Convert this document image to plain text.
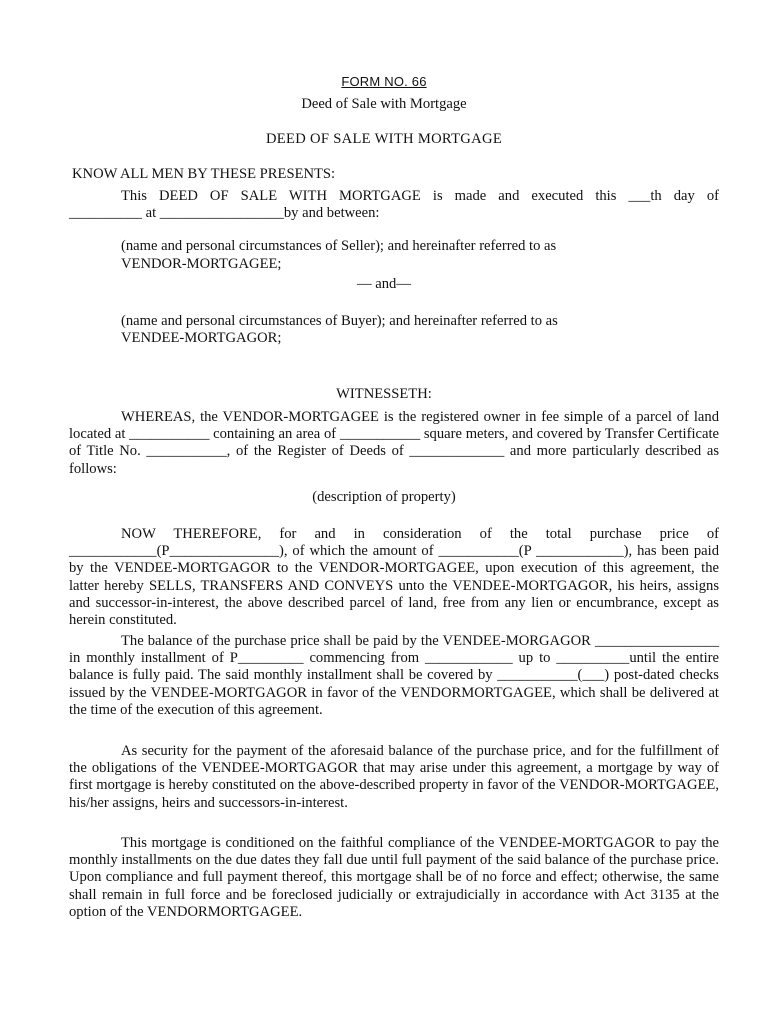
FORM NO. 66
Deed of Sale with Mortgage
DEED OF SALE WITH MORTGAGE
KNOW ALL MEN BY THESE PRESENTS:
This DEED OF SALE WITH MORTGAGE is made and executed this ___th day of
__________ at _________________by and between:
(name and personal circumstances of Seller); and hereinafter referred to as
VENDOR-MORTGAGEE;
— and—
(name and personal circumstances of Buyer); and hereinafter referred to as
VENDEE-MORTGAGOR;
WITNESSETH:

WHEREAS, the VENDOR-MORTGAGEE is the registered owner in fee simple of a parcel of land located at ___________ containing an area of ___________ square meters, and covered by Transfer Certificate of Title No. ___________, of the Register of Deeds of _____________ and more particularly described as follows:

(description of property)

NOW THEREFORE, for and in consideration of the total purchase price of ____________(P_______________), of which the amount of ___________(P ____________), has been paid by the VENDEE-MORTGAGOR to the VENDOR-MORTGAGEE, upon execution of this agreement, the latter hereby SELLS, TRANSFERS AND CONVEYS unto the VENDEE-MORTGAGOR, his heirs, assigns and successor-in-interest, the above described parcel of land, free from any lien or encumbrance, except as herein constituted.

The balance of the purchase price shall be paid by the VENDEE-MORGAGOR _________________ in monthly installment of P_________ commencing from ____________ up to __________until the entire balance is fully paid. The said monthly installment shall be covered by ___________(___) post-dated checks issued by the VENDEE-MORTGAGOR in favor of the VENDORMORTGAGEE, which shall be delivered at the time of the execution of this agreement.

As security for the payment of the aforesaid balance of the purchase price, and for the fulfillment of the obligations of the VENDEE-MORTGAGOR that may arise under this agreement, a mortgage by way of first mortgage is hereby constituted on the above-described property in favor of the VENDOR-MORTGAGEE, his/her assigns, heirs and successors-in-interest.

This mortgage is conditioned on the faithful compliance of the VENDEE-MORTGAGOR to pay the monthly installments on the due dates they fall due until full payment of the said balance of the purchase price. Upon compliance and full payment thereof, this mortgage shall be of no force and effect; otherwise, the same shall remain in full force and be foreclosed judicially or extrajudicially in accordance with Act 3135 at the option of the VENDORMORTGAGEE.
